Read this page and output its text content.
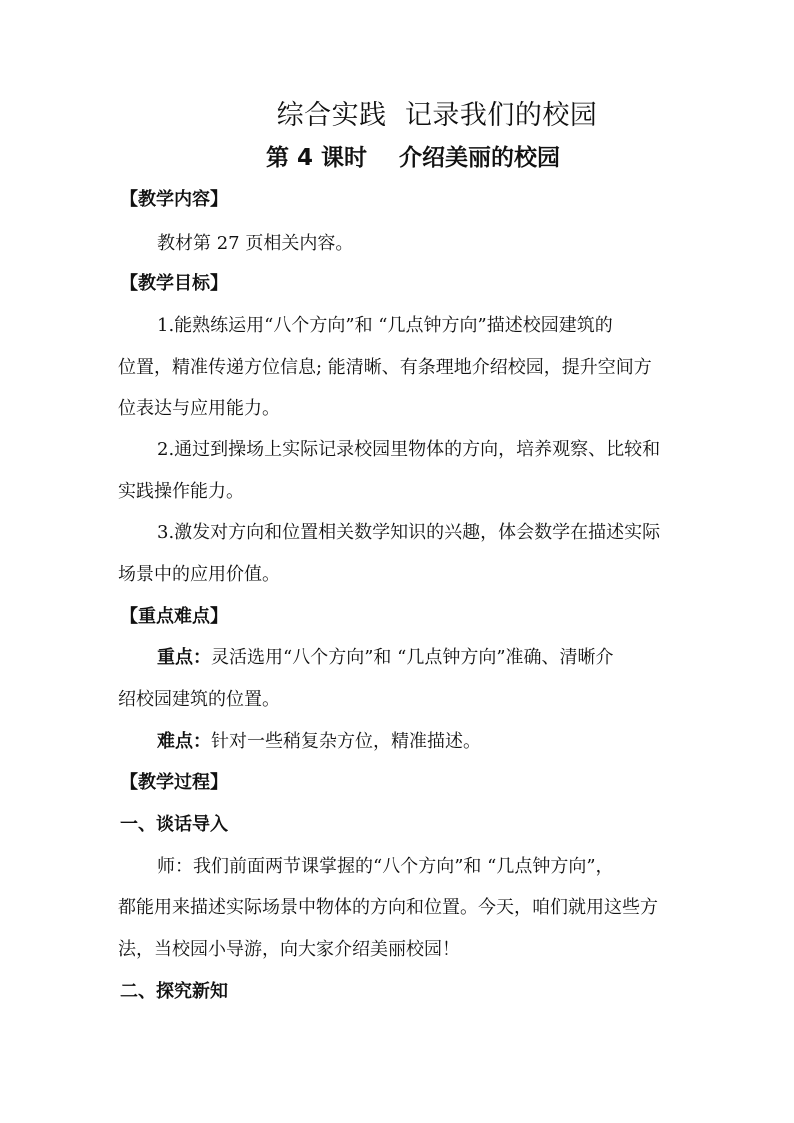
综合实践  记录我们的校园
第 4 课时    介绍美丽的校园
【教学内容】
教材第 27 页相关内容。
【教学目标】
1.能熟练运用“八个方向”和 “几点钟方向”描述校园建筑的
位置，精准传递方位信息; 能清晰、有条理地介绍校园，提升空间方
位表达与应用能力。
2.通过到操场上实际记录校园里物体的方向，培养观察、比较和
实践操作能力。
3.激发对方向和位置相关数学知识的兴趣，体会数学在描述实际
场景中的应用价值。
【重点难点】
重点：灵活选用“八个方向”和 “几点钟方向”准确、清晰介
绍校园建筑的位置。
难点：针对一些稍复杂方位，精准描述。
【教学过程】
一、谈话导入
师：我们前面两节课掌握的“八个方向”和 “几点钟方向”，
都能用来描述实际场景中物体的方向和位置。今天，咱们就用这些方
法，当校园小导游，向大家介绍美丽校园！
二、探究新知
